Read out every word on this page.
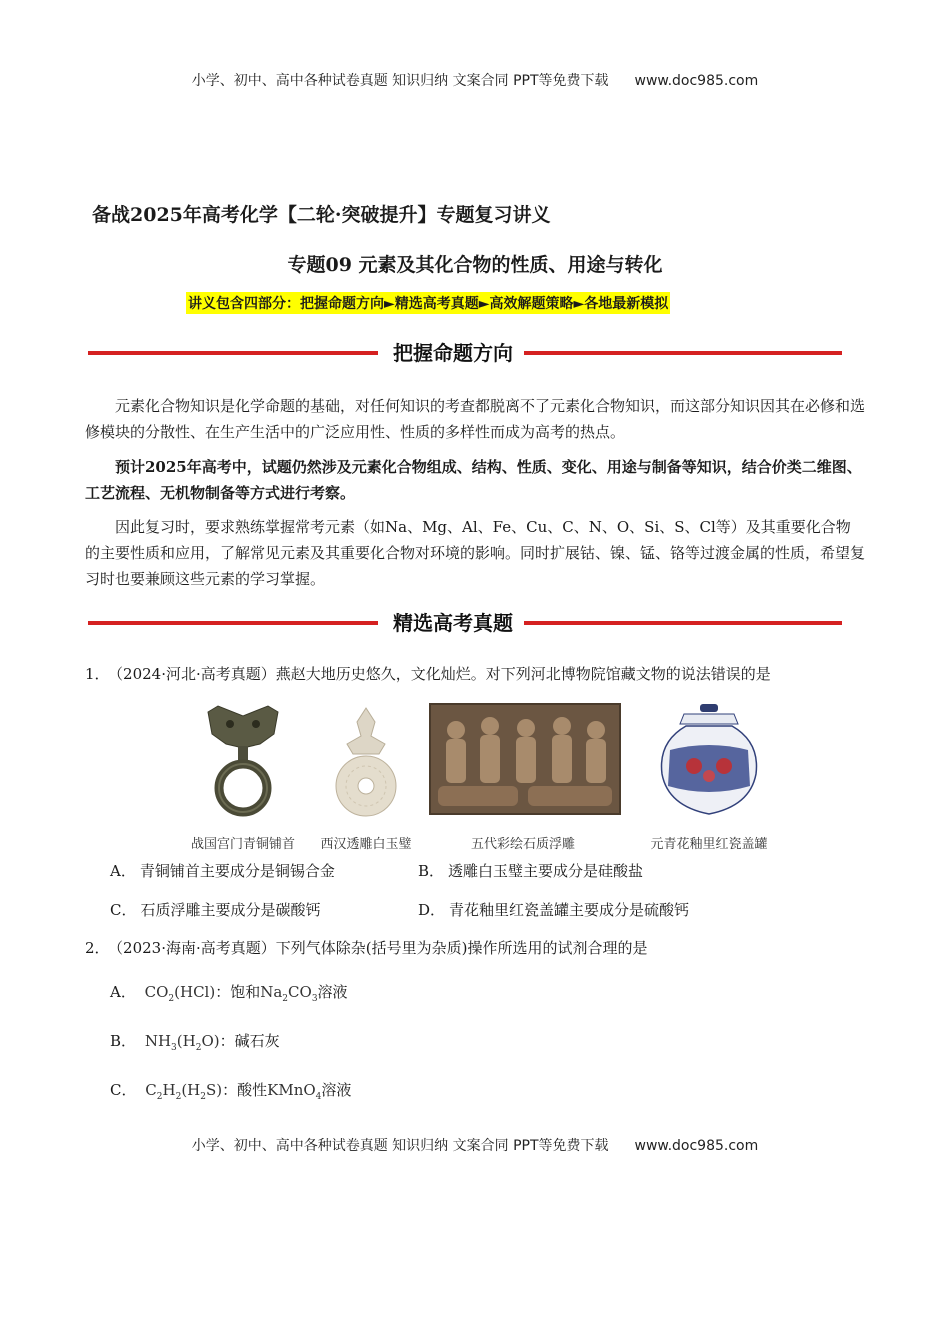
小学、初中、高中各种试卷真题 知识归纳 文案合同 PPT等免费下载 www.doc985.com
备战2025年高考化学【二轮·突破提升】专题复习讲义
专题09 元素及其化合物的性质、用途与转化
讲义包含四部分：把握命题方向►精选高考真题►高效解题策略►各地最新模拟
把握命题方向
元素化合物知识是化学命题的基础，对任何知识的考查都脱离不了元素化合物知识，而这部分知识因其在必修和选修模块的分散性、在生产生活中的广泛应用性、性质的多样性而成为高考的热点。
预计2025年高考中，试题仍然涉及元素化合物组成、结构、性质、变化、用途与制备等知识，结合价类二维图、工艺流程、无机物制备等方式进行考察。
因此复习时，要求熟练掌握常考元素（如Na、Mg、Al、Fe、Cu、C、N、O、Si、S、Cl等）及其重要化合物的主要性质和应用，了解常见元素及其重要化合物对环境的影响。同时扩展钴、镍、锰、铬等过渡金属的性质，希望复习时也要兼顾这些元素的学习掌握。
精选高考真题
1． （2024·河北·高考真题）燕赵大地历史悠久，文化灿烂。对下列河北博物院馆藏文物的说法错误的是
战国宫门青铜铺首	西汉透雕白玉璧	五代彩绘石质浮雕	元青花釉里红瓷盖罐
A． 青铜铺首主要成分是铜锡合金	B． 透雕白玉璧主要成分是硅酸盐
C． 石质浮雕主要成分是碳酸钙	D． 青花釉里红瓷盖罐主要成分是硫酸钙
2． （2023·海南·高考真题）下列气体除杂(括号里为杂质)操作所选用的试剂合理的是
A． $CO_2(HCl)$：饱和$Na_2CO_3$溶液
B． $NH_3(H_2O)$：碱石灰
C． $C_2H_2(H_2S)$：酸性KMnO$_4$溶液
小学、初中、高中各种试卷真题 知识归纳 文案合同 PPT等免费下载 www.doc985.com
